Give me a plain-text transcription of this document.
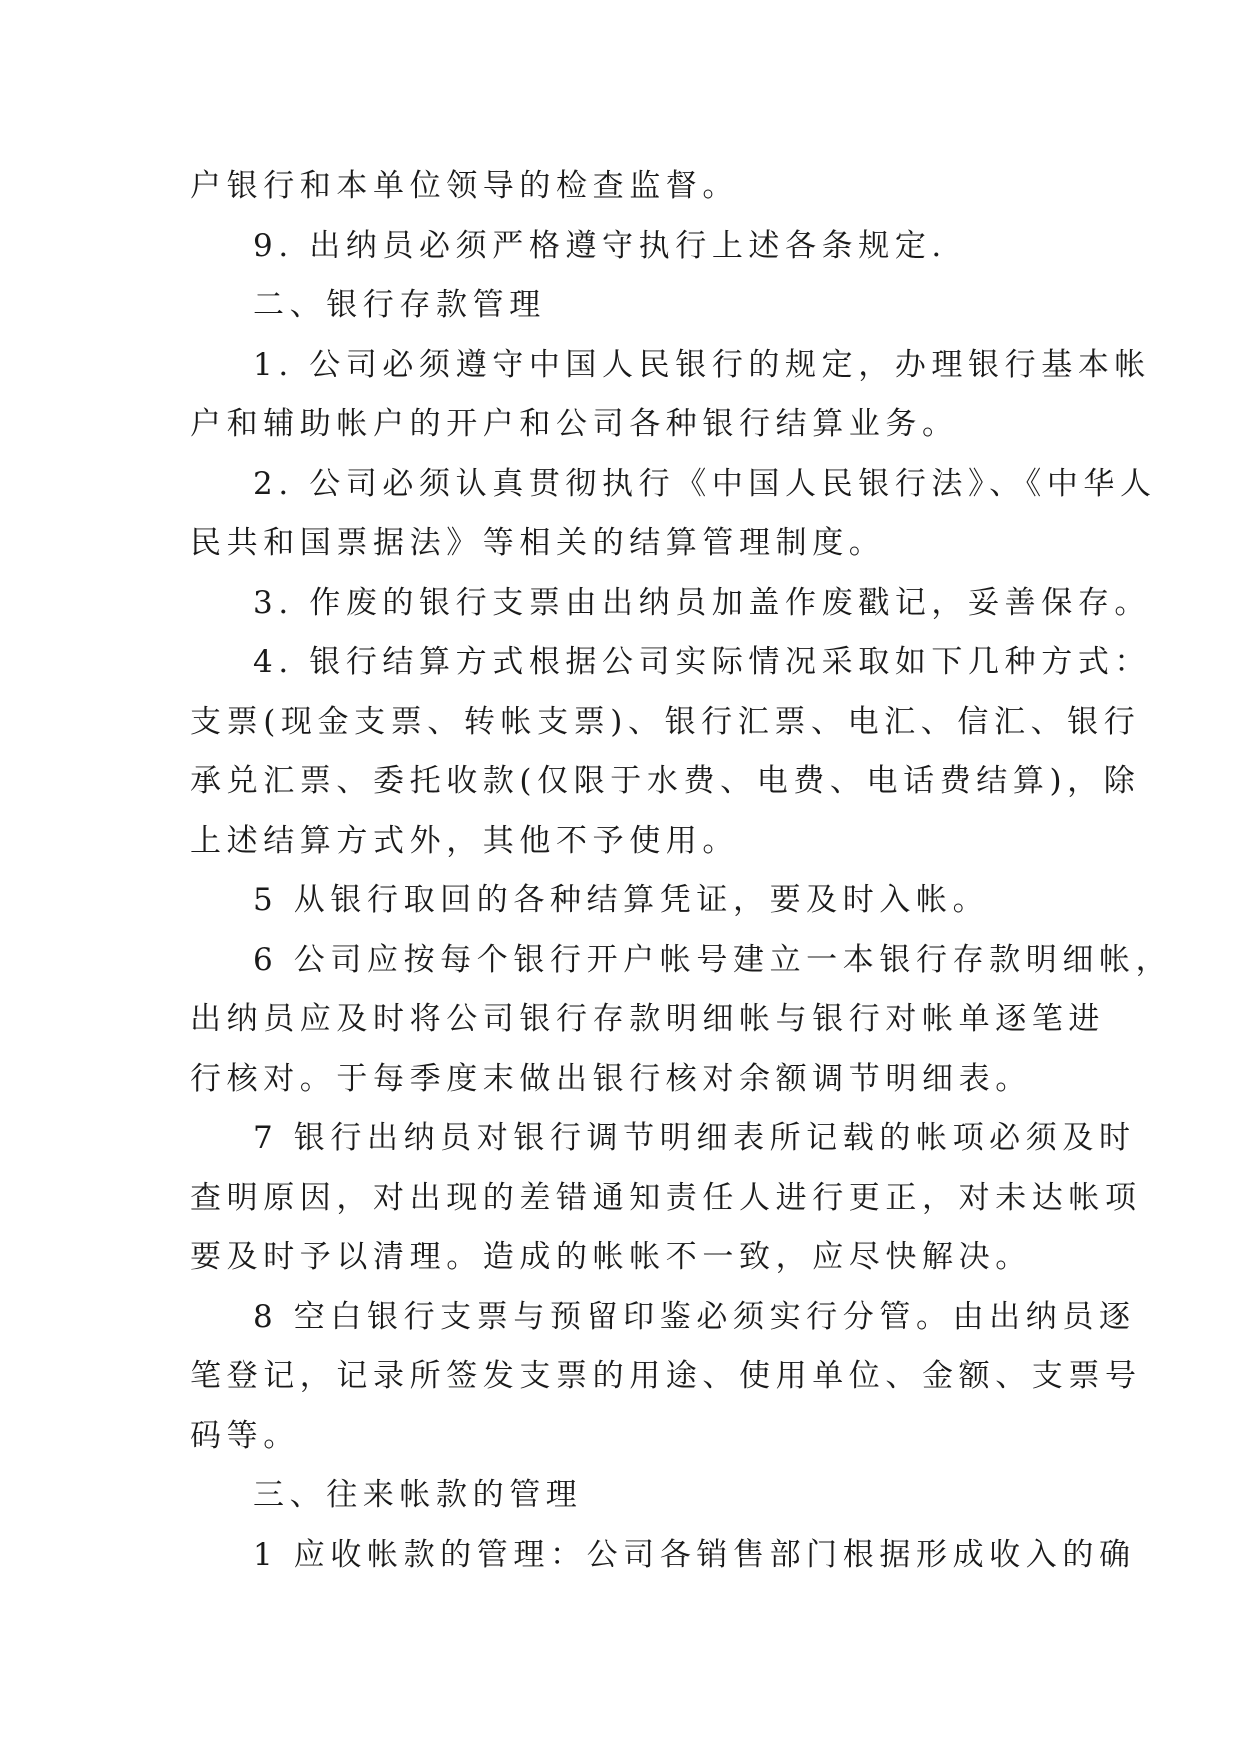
户银行和本单位领导的检查监督。
9. 出纳员必须严格遵守执行上述各条规定.
二、银行存款管理
1. 公司必须遵守中国人民银行的规定，办理银行基本帐
户和辅助帐户的开户和公司各种银行结算业务。
2. 公司必须认真贯彻执行《中国人民银行法》、《中华人
民共和国票据法》等相关的结算管理制度。
3. 作废的银行支票由出纳员加盖作废戳记，妥善保存。
4. 银行结算方式根据公司实际情况采取如下几种方式：
支票(现金支票、转帐支票)、银行汇票、电汇、信汇、银行
承兑汇票、委托收款(仅限于水费、电费、电话费结算)，除
上述结算方式外，其他不予使用。
5 从银行取回的各种结算凭证，要及时入帐。
6 公司应按每个银行开户帐号建立一本银行存款明细帐，
出纳员应及时将公司银行存款明细帐与银行对帐单逐笔进
行核对。于每季度末做出银行核对余额调节明细表。
7 银行出纳员对银行调节明细表所记载的帐项必须及时
查明原因，对出现的差错通知责任人进行更正，对未达帐项
要及时予以清理。造成的帐帐不一致，应尽快解决。
8 空白银行支票与预留印鉴必须实行分管。由出纳员逐
笔登记，记录所签发支票的用途、使用单位、金额、支票号
码等。
三、往来帐款的管理
1 应收帐款的管理：公司各销售部门根据形成收入的确
